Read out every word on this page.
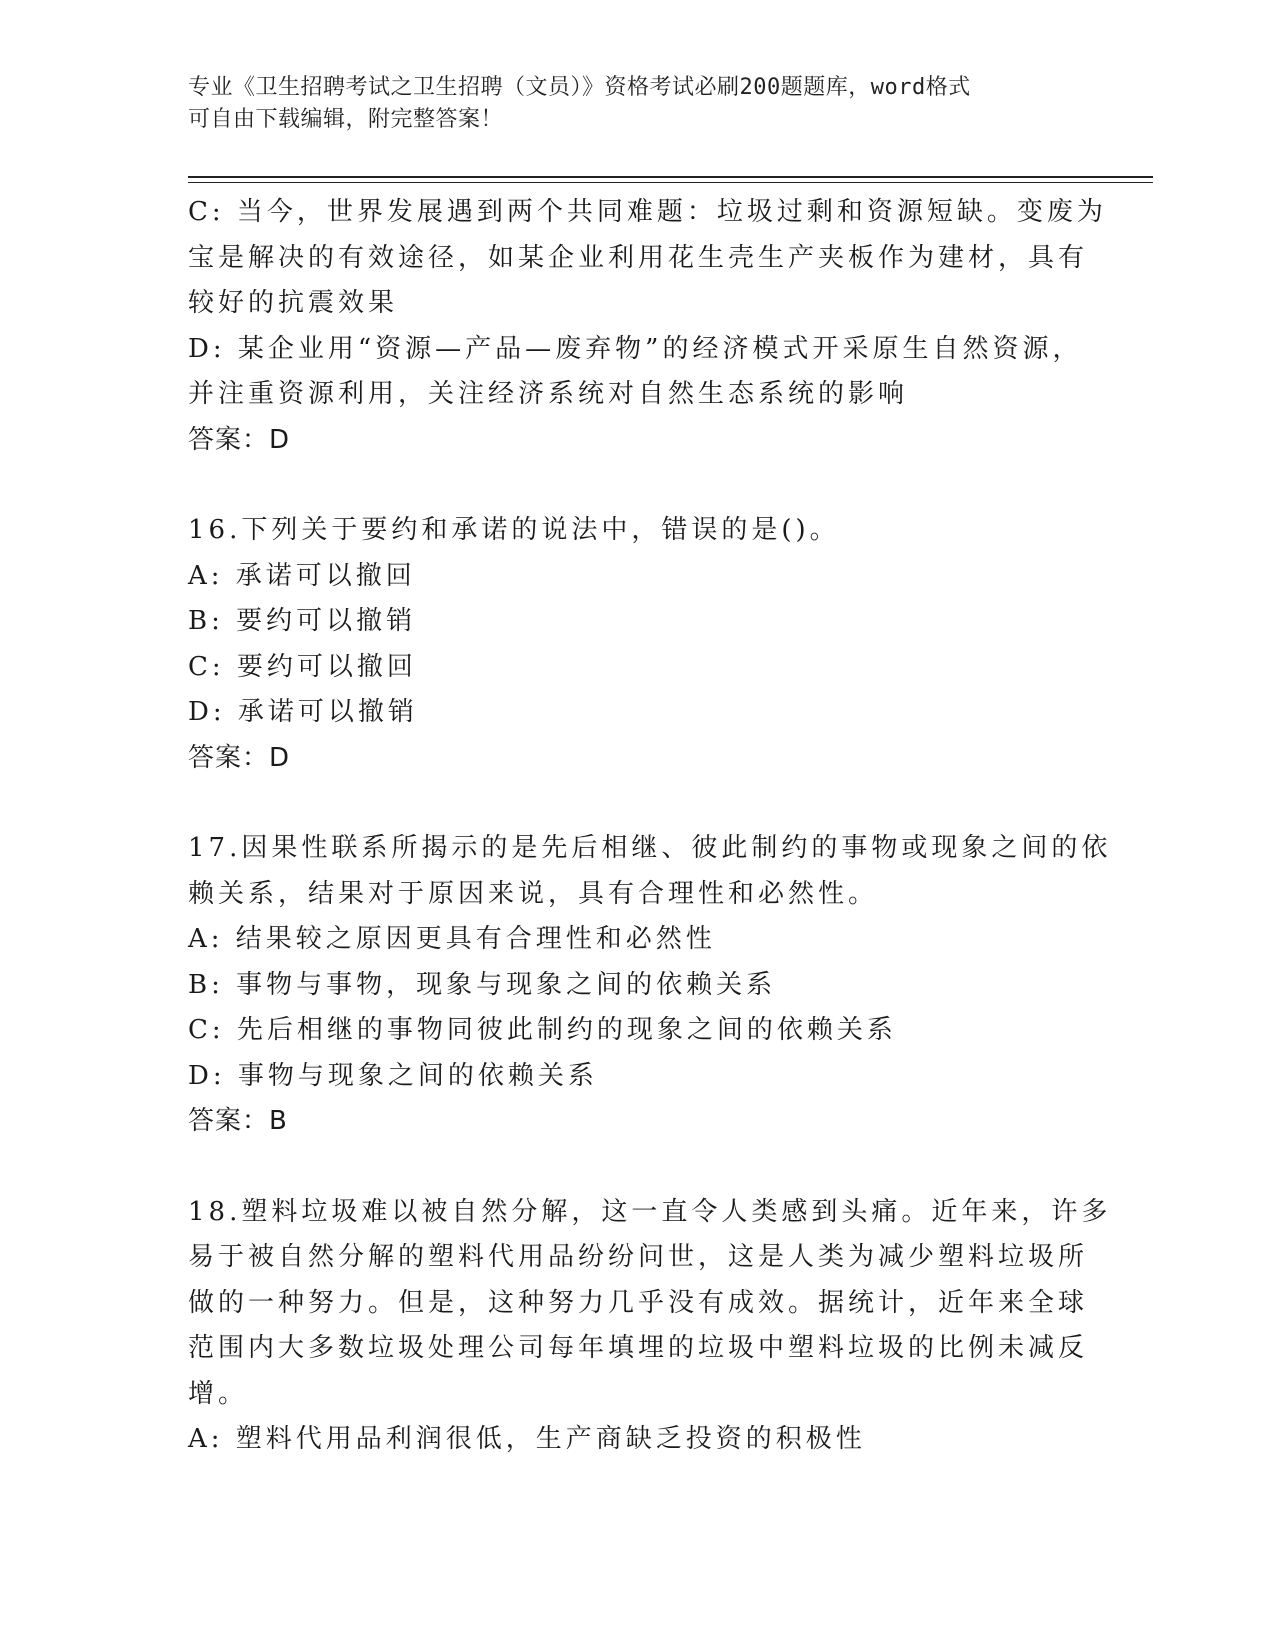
专业《卫生招聘考试之卫生招聘（文员）》资格考试必刷200题题库，word格式
可自由下载编辑，附完整答案！
C: 当今，世界发展遇到两个共同难题：垃圾过剩和资源短缺。变废为
宝是解决的有效途径，如某企业利用花生壳生产夹板作为建材，具有
较好的抗震效果
D: 某企业用“资源—产品—废弃物”的经济模式开采原生自然资源，
并注重资源利用，关注经济系统对自然生态系统的影响
答案：D
16.下列关于要约和承诺的说法中，错误的是()。
A: 承诺可以撤回
B: 要约可以撤销
C: 要约可以撤回
D: 承诺可以撤销
答案：D
17.因果性联系所揭示的是先后相继、彼此制约的事物或现象之间的依
赖关系，结果对于原因来说，具有合理性和必然性。
A: 结果较之原因更具有合理性和必然性
B: 事物与事物，现象与现象之间的依赖关系
C: 先后相继的事物同彼此制约的现象之间的依赖关系
D: 事物与现象之间的依赖关系
答案：B
18.塑料垃圾难以被自然分解，这一直令人类感到头痛。近年来，许多
易于被自然分解的塑料代用品纷纷问世，这是人类为减少塑料垃圾所
做的一种努力。但是，这种努力几乎没有成效。据统计，近年来全球
范围内大多数垃圾处理公司每年填埋的垃圾中塑料垃圾的比例未减反
增。
A: 塑料代用品利润很低，生产商缺乏投资的积极性
